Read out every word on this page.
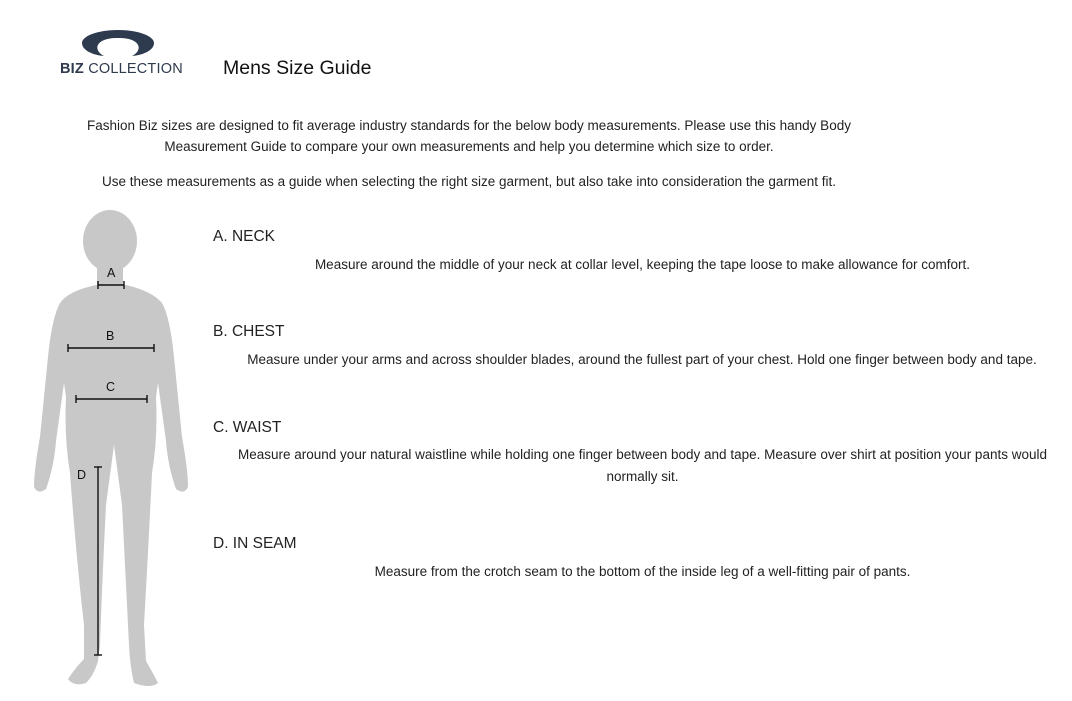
BIZ COLLECTION Mens Size Guide
Fashion Biz sizes are designed to fit average industry standards for the below body measurements. Please use this handy Body Measurement Guide to compare your own measurements and help you determine which size to order.
Use these measurements as a guide when selecting the right size garment, but also take into consideration the garment fit.
A
B
C
D
A. NECK
Measure around the middle of your neck at collar level, keeping the tape loose to make allowance for comfort.
B. CHEST
Measure under your arms and across shoulder blades, around the fullest part of your chest. Hold one finger between body and tape.
C. WAIST
Measure around your natural waistline while holding one finger between body and tape. Measure over shirt at position your pants would normally sit.
D. IN SEAM
Measure from the crotch seam to the bottom of the inside leg of a well-fitting pair of pants.
